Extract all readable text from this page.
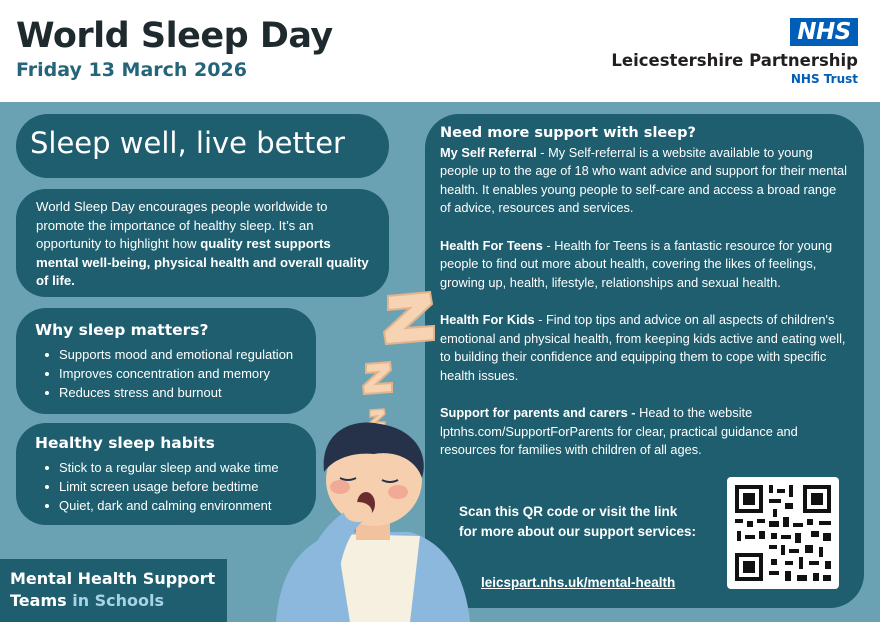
World Sleep Day
Friday 13 March 2026
NHS
Leicestershire Partnership
NHS Trust
Sleep well, live better
World Sleep Day encourages people worldwide to promote the importance of healthy sleep. It’s an opportunity to highlight how quality rest supports mental well-being, physical health and overall quality of life.
Why sleep matters?
Supports mood and emotional regulation
Improves concentration and memory
Reduces stress and burnout
Healthy sleep habits
Stick to a regular sleep and wake time
Limit screen usage before bedtime
Quiet, dark and calming environment
Mental Health Support
Teams in Schools
Need more support with sleep?

My Self Referral - My Self-referral is a website available to young people up to the age of 18 who want advice and support for their mental health. It enables young people to self-care and access a broad range of advice, resources and services.

Health For Teens - Health for Teens is a fantastic resource for young people to find out more about health, covering the likes of feelings, growing up, health, lifestyle, relationships and sexual health.

Health For Kids - Find top tips and advice on all aspects of children's emotional and physical health, from keeping kids active and eating well, to building their confidence and equipping them to cope with specific health issues.

Support for parents and carers - Head to the website lptnhs.com/SupportForParents for clear, practical guidance and resources for families with children of all ages.

Scan this QR code or visit the link for more about our support services:
leicspart.nhs.uk/mental-health
